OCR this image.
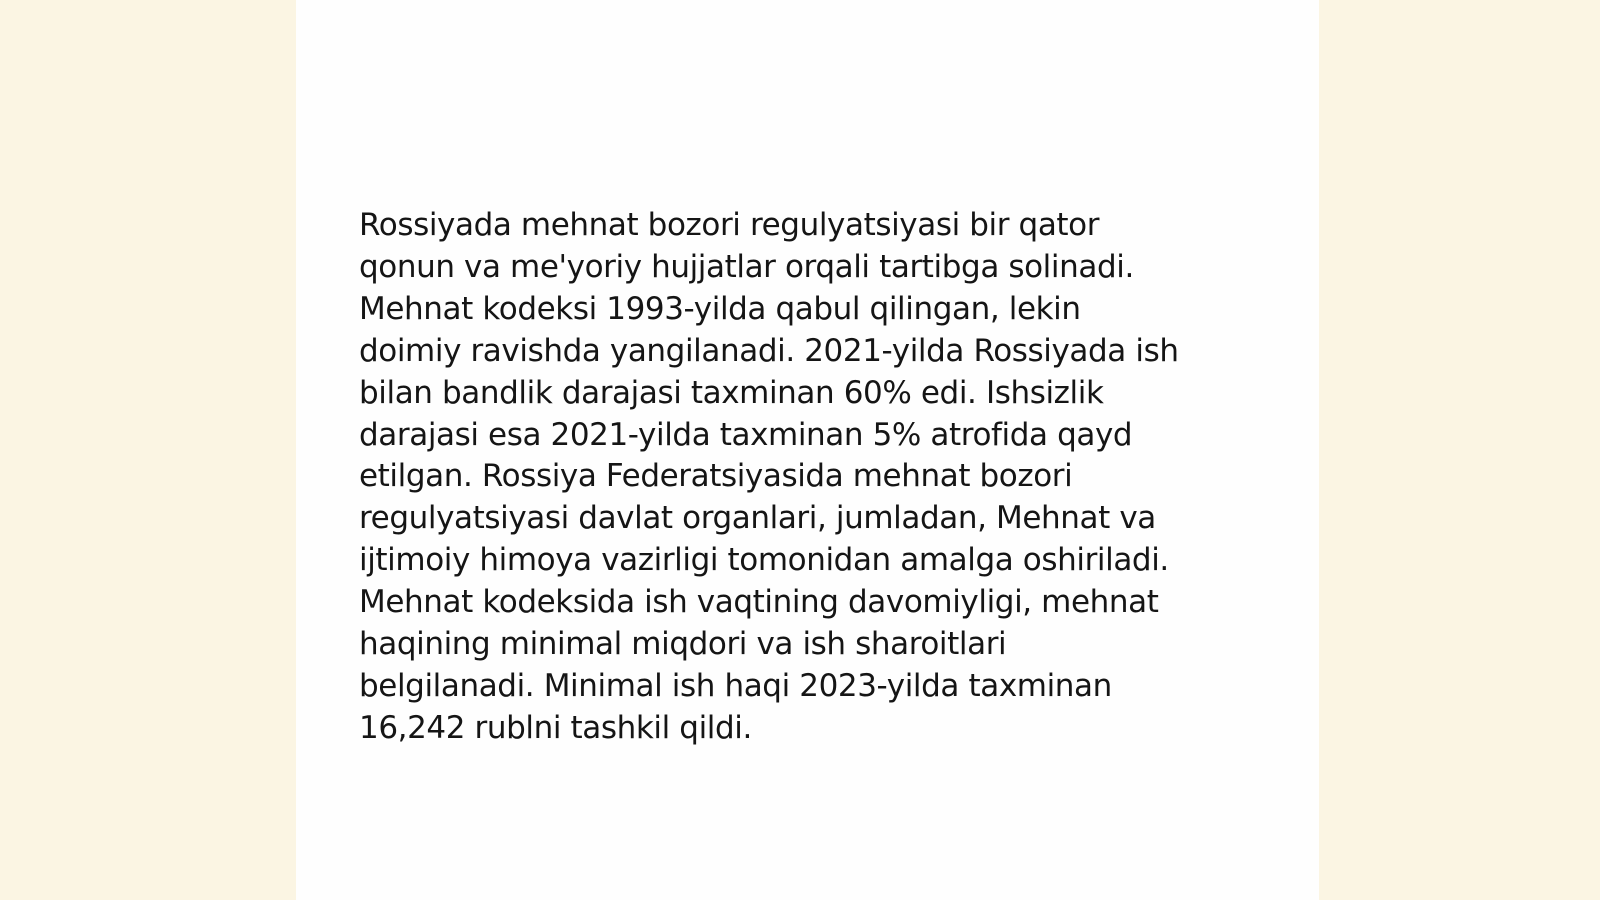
Rossiyada mehnat bozori regulyatsiyasi bir qator
qonun va me'yoriy hujjatlar orqali tartibga solinadi.
Mehnat kodeksi 1993-yilda qabul qilingan, lekin
doimiy ravishda yangilanadi. 2021-yilda Rossiyada ish
bilan bandlik darajasi taxminan 60% edi. Ishsizlik
darajasi esa 2021-yilda taxminan 5% atrofida qayd
etilgan. Rossiya Federatsiyasida mehnat bozori
regulyatsiyasi davlat organlari, jumladan, Mehnat va
ijtimoiy himoya vazirligi tomonidan amalga oshiriladi.
Mehnat kodeksida ish vaqtining davomiyligi, mehnat
haqining minimal miqdori va ish sharoitlari
belgilanadi. Minimal ish haqi 2023-yilda taxminan
16,242 rublni tashkil qildi.
